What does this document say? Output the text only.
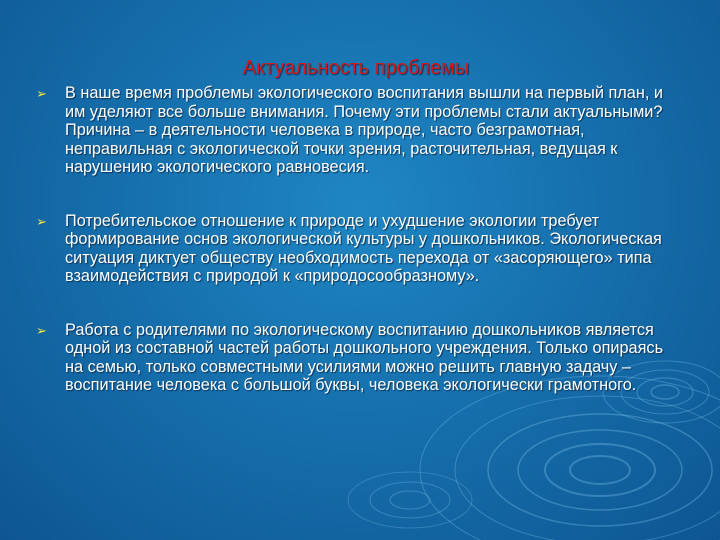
Актуальность проблемы
➢ В наше время проблемы экологического воспитания вышли на первый план, и им уделяют все больше внимания. Почему эти проблемы стали актуальными? Причина – в деятельности человека в природе, часто безграмотная, неправильная с экологической точки зрения, расточительная, ведущая к нарушению экологического равновесия.
➢ Потребительское отношение к природе и ухудшение экологии требует формирование основ экологической культуры у дошкольников. Экологическая ситуация диктует обществу необходимость перехода от «засоряющего» типа взаимодействия с природой к «природосообразному».
➢ Работа с родителями по экологическому воспитанию дошкольников является одной из составной частей работы дошкольного учреждения. Только опираясь на семью, только совместными усилиями можно решить главную задачу – воспитание человека с большой буквы, человека экологически грамотного.
